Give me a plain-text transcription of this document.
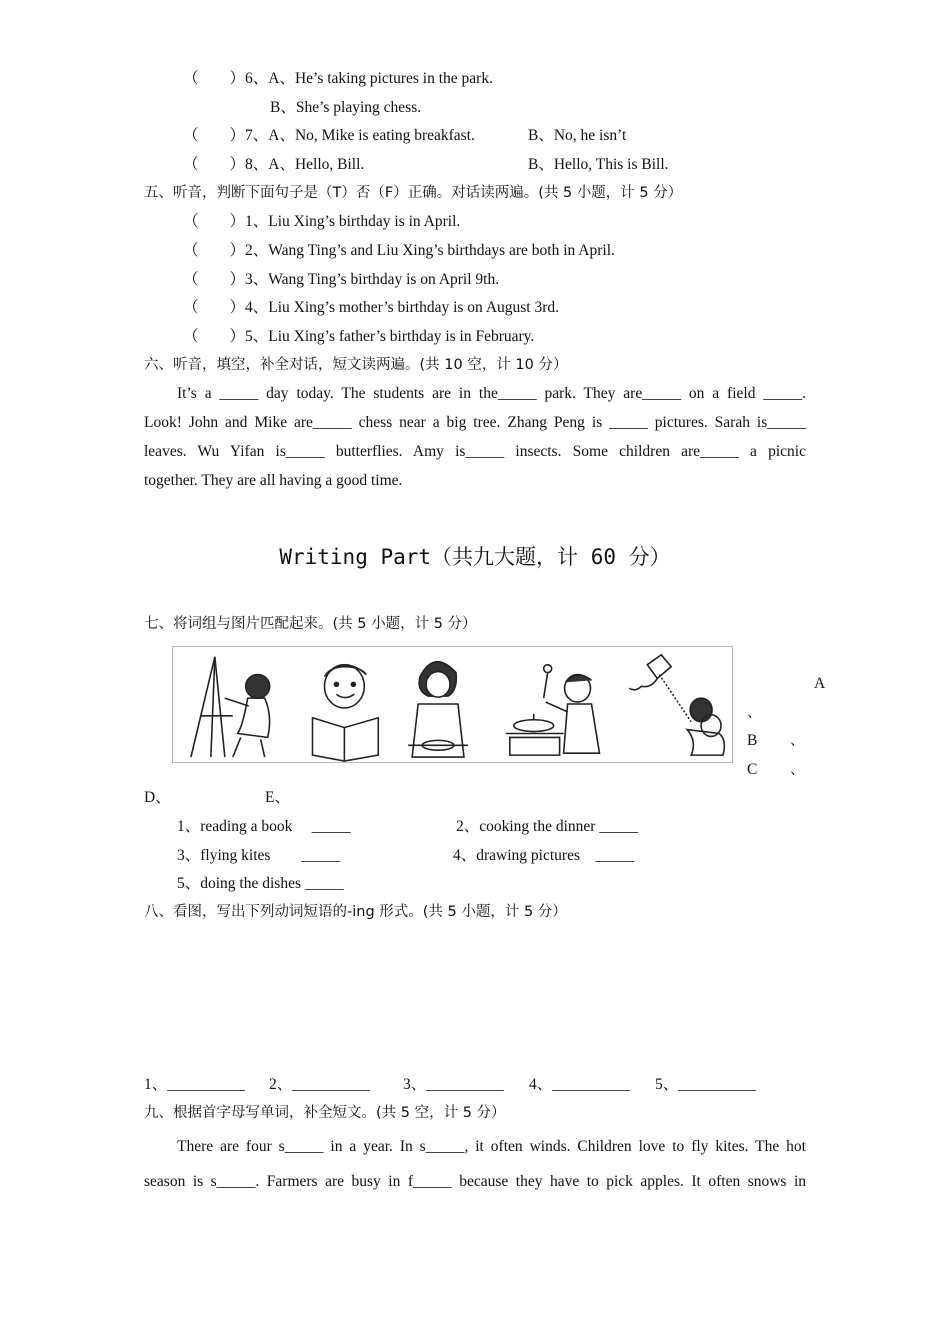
（　　）6、A、He’s taking pictures in the park.
B、She’s playing chess.
（　　）7、A、No, Mike is eating breakfast.	B、No, he isn’t
（　　）8、A、Hello, Bill.	B、Hello, This is Bill.
五、听音，判断下面句子是（T）否（F）正确。对话读两遍。(共 5 小题，计 5 分）
（　　）1、Liu Xing’s birthday is in April.
（　　）2、Wang Ting’s and Liu Xing’s birthdays are both in April.
（　　）3、Wang Ting’s birthday is on April 9th.
（　　）4、Liu Xing’s mother’s birthday is on August 3rd.
（　　）5、Liu Xing’s father’s birthday is in February.
六、听音，填空，补全对话，短文读两遍。(共 10 空，计 10 分）
It’s a _____ day today. The students are in the_____ park. They are_____ on a field _____.
Look! John and Mike are_____ chess near a big tree. Zhang Peng is _____ pictures. Sarah is_____
leaves. Wu Yifan is_____ butterflies. Amy is_____ insects. Some children are_____ a picnic
together. They are all having a good time.
Writing Part（共九大题，计 60 分）
七、将词组与图片匹配起来。(共 5 小题，计 5 分）
A
、
B 、
C 、
D、	E、
1、reading a book     _____	2、cooking the dinner _____
3、flying kites        _____	4、drawing pictures    _____
5、doing the dishes _____
八、看图，写出下列动词短语的-ing 形式。(共 5 小题，计 5 分）
1、__________ 2、__________ 3、__________ 4、__________ 5、__________
九、根据首字母写单词，补全短文。(共 5 空，计 5 分）
There are four s_____ in a year. In s_____, it often winds. Children love to fly kites. The hot
season is s_____. Farmers are busy in f_____ because they have to pick apples. It often snows in
